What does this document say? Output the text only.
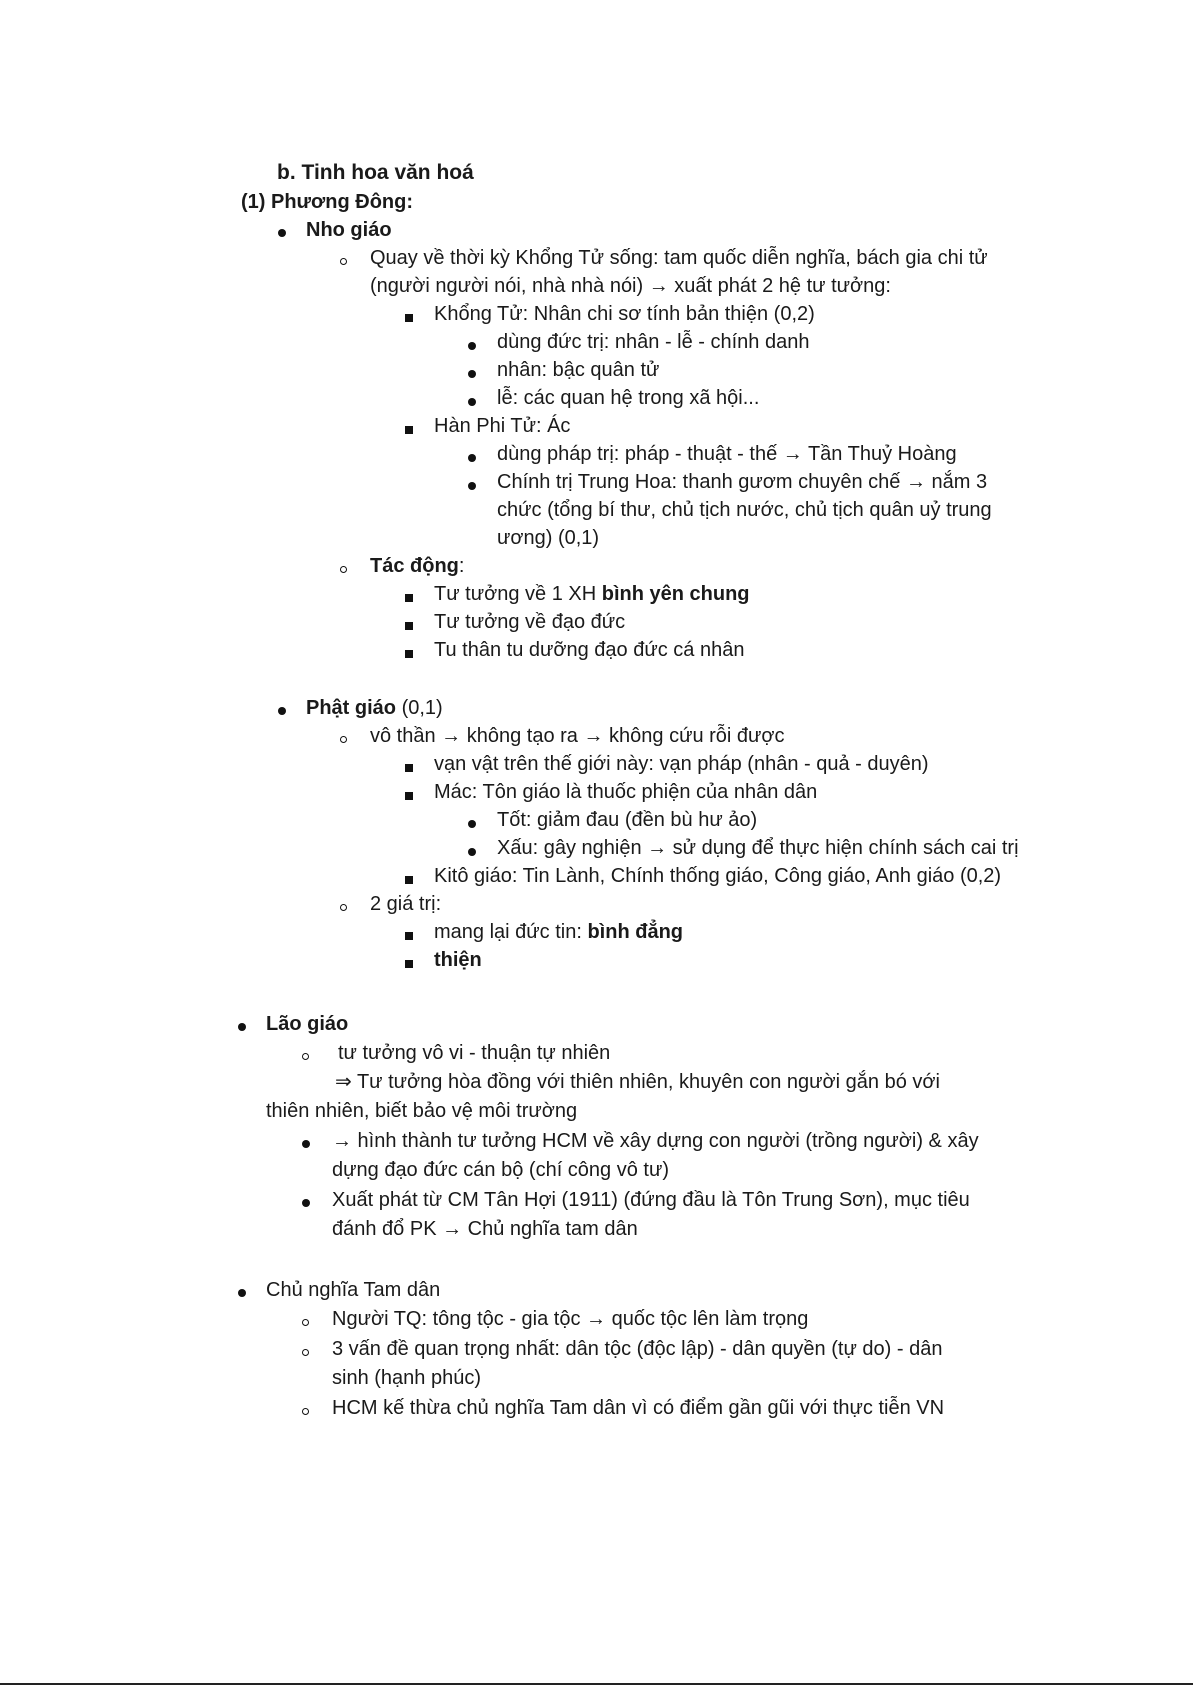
b. Tinh hoa văn hoá
(1) Phương Đông:
Nho giáo
Quay về thời kỳ Khổng Tử sống: tam quốc diễn nghĩa, bách gia chi tử
(người người nói, nhà nhà nói) → xuất phát 2 hệ tư tưởng:
Khổng Tử: Nhân chi sơ tính bản thiện (0,2)
dùng đức trị: nhân - lễ - chính danh
nhân: bậc quân tử
lễ: các quan hệ trong xã hội...
Hàn Phi Tử: Ác
dùng pháp trị: pháp - thuật - thế → Tần Thuỷ Hoàng
Chính trị Trung Hoa: thanh gươm chuyên chế → nắm 3
chức (tổng bí thư, chủ tịch nước, chủ tịch quân uỷ trung
ương) (0,1)
Tác động:
Tư tưởng về 1 XH bình yên chung
Tư tưởng về đạo đức
Tu thân tu dưỡng đạo đức cá nhân
Phật giáo (0,1)
vô thần → không tạo ra → không cứu rỗi được
vạn vật trên thế giới này: vạn pháp (nhân - quả - duyên)
Mác: Tôn giáo là thuốc phiện của nhân dân
Tốt: giảm đau (đền bù hư ảo)
Xấu: gây nghiện → sử dụng để thực hiện chính sách cai trị
Kitô giáo: Tin Lành, Chính thống giáo, Công giáo, Anh giáo (0,2)
2 giá trị:
mang lại đức tin: bình đẳng
thiện
Lão giáo
tư tưởng vô vi - thuận tự nhiên
⇒ Tư tưởng hòa đồng với thiên nhiên, khuyên con người gắn bó với
thiên nhiên, biết bảo vệ môi trường
→ hình thành tư tưởng HCM về xây dựng con người (trồng người) & xây
dựng đạo đức cán bộ (chí công vô tư)
Xuất phát từ CM Tân Hợi (1911) (đứng đầu là Tôn Trung Sơn), mục tiêu
đánh đổ PK → Chủ nghĩa tam dân
Chủ nghĩa Tam dân
Người TQ: tông tộc - gia tộc → quốc tộc lên làm trọng
3 vấn đề quan trọng nhất: dân tộc (độc lập) - dân quyền (tự do) - dân
sinh (hạnh phúc)
HCM kế thừa chủ nghĩa Tam dân vì có điểm gần gũi với thực tiễn VN
